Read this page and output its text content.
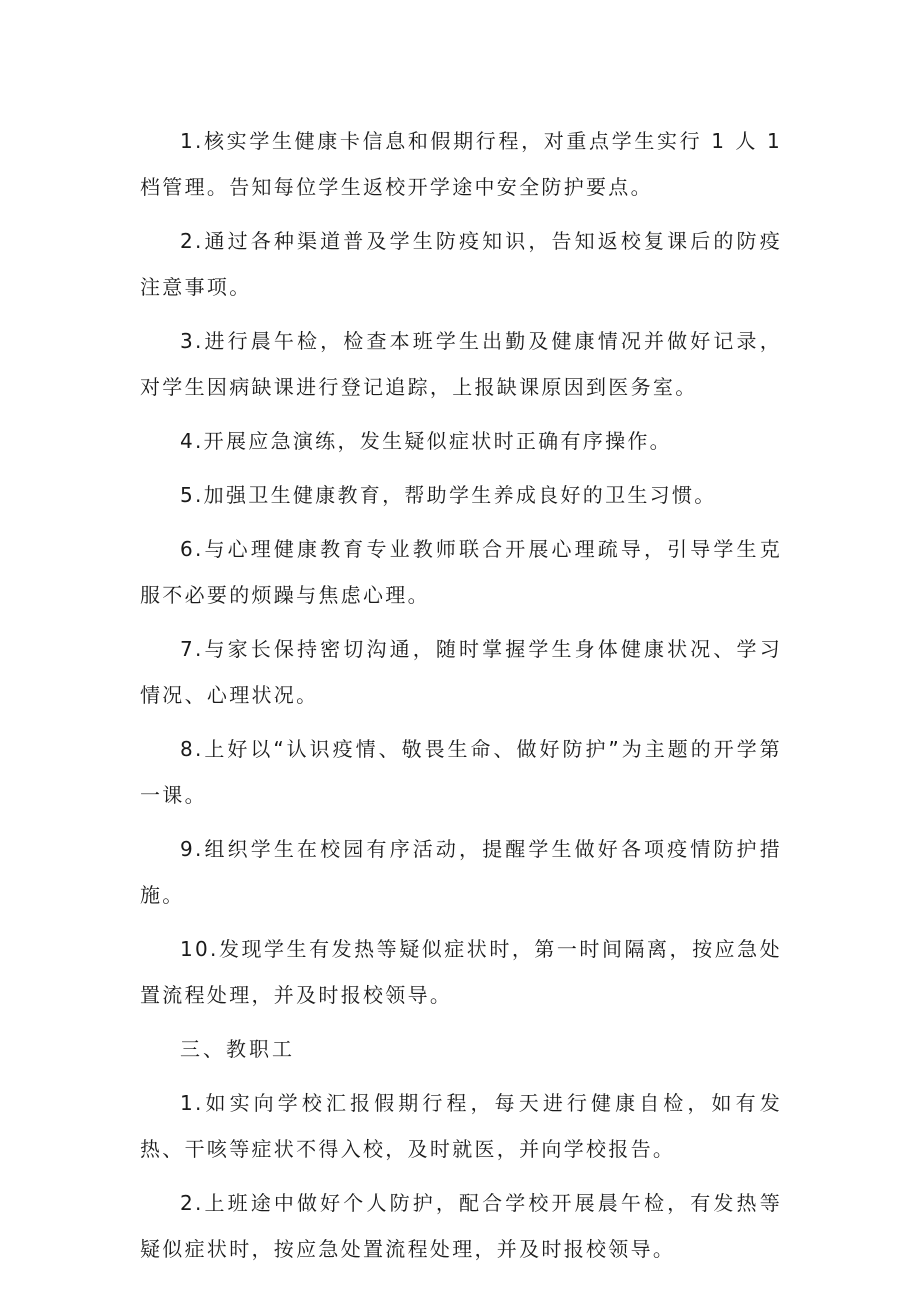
1.核实学生健康卡信息和假期行程，对重点学生实行 1 人 1 档管理。告知每位学生返校开学途中安全防护要点。

2.通过各种渠道普及学生防疫知识，告知返校复课后的防疫注意事项。

3.进行晨午检，检查本班学生出勤及健康情况并做好记录，对学生因病缺课进行登记追踪，上报缺课原因到医务室。

4.开展应急演练，发生疑似症状时正确有序操作。

5.加强卫生健康教育，帮助学生养成良好的卫生习惯。

6.与心理健康教育专业教师联合开展心理疏导，引导学生克服不必要的烦躁与焦虑心理。

7.与家长保持密切沟通，随时掌握学生身体健康状况、学习情况、心理状况。

8.上好以“认识疫情、敬畏生命、做好防护”为主题的开学第一课。

9.组织学生在校园有序活动，提醒学生做好各项疫情防护措施。

10.发现学生有发热等疑似症状时，第一时间隔离，按应急处置流程处理，并及时报校领导。

三、教职工

1.如实向学校汇报假期行程，每天进行健康自检，如有发热、干咳等症状不得入校，及时就医，并向学校报告。

2.上班途中做好个人防护，配合学校开展晨午检，有发热等疑似症状时，按应急处置流程处理，并及时报校领导。
